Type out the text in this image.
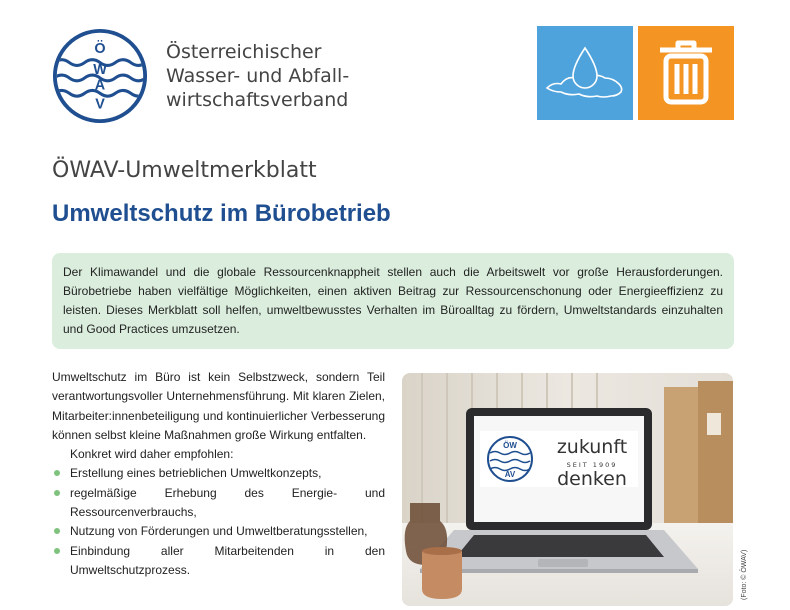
Ö
W
A
V
Österreichischer
Wasser- und Abfall-
wirtschaftsverband
ÖWAV-Umweltmerkblatt
Umweltschutz im Bürobetrieb
Der Klimawandel und die globale Ressourcenknappheit stellen auch die Arbeitswelt vor große Herausforderungen. Bürobetriebe haben vielfältige Möglichkeiten, einen aktiven Beitrag zur Ressourcenschonung oder Energieeffizienz zu leisten. Dieses Merkblatt soll helfen, umweltbewusstes Verhalten im Büroalltag zu fördern, Umweltstandards einzuhalten und Good Practices umzusetzen.

Umweltschutz im Büro ist kein Selbstzweck, sondern Teil verantwortungsvoller Unternehmensführung. Mit klaren Zielen, Mitarbeiter:innenbeteiligung und kontinuierlicher Verbesserung können selbst kleine Maßnahmen große Wirkung entfalten.

Konkret wird daher empfohlen:

Erstellung eines betrieblichen Umweltkonzepts,
regelmäßige Erhebung des Energie- und Ressourcenverbrauchs,
Nutzung von Förderungen und Umweltberatungsstellen,
Einbindung aller Mitarbeitenden in den Umweltschutzprozess.
ÖW
AV
zukunft
SEIT 1909
denken
(Foto: © ÖWAV)
